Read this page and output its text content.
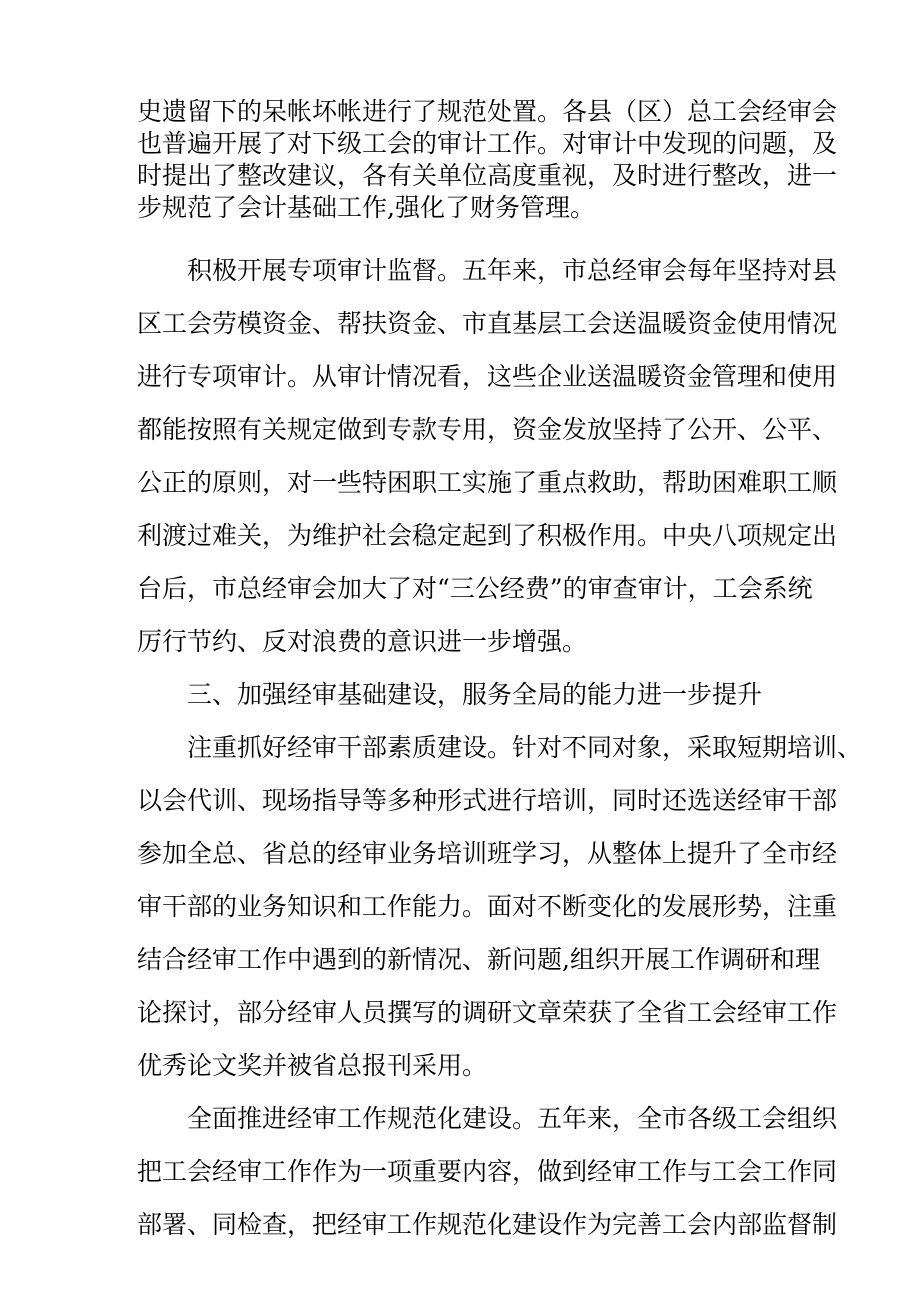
史遗留下的呆帐坏帐进行了规范处置。各县（区）总工会经审会
也普遍开展了对下级工会的审计工作。对审计中发现的问题，及
时提出了整改建议，各有关单位高度重视，及时进行整改，进一
步规范了会计基础工作,强化了财务管理。
积极开展专项审计监督。五年来，市总经审会每年坚持对县
区工会劳模资金、帮扶资金、市直基层工会送温暖资金使用情况
进行专项审计。从审计情况看，这些企业送温暖资金管理和使用
都能按照有关规定做到专款专用，资金发放坚持了公开、公平、
公正的原则，对一些特困职工实施了重点救助，帮助困难职工顺
利渡过难关，为维护社会稳定起到了积极作用。中央八项规定出
台后，市总经审会加大了对“三公经费”的审查审计，工会系统
厉行节约、反对浪费的意识进一步增强。
三、加强经审基础建设，服务全局的能力进一步提升
注重抓好经审干部素质建设。针对不同对象，采取短期培训、
以会代训、现场指导等多种形式进行培训，同时还选送经审干部
参加全总、省总的经审业务培训班学习，从整体上提升了全市经
审干部的业务知识和工作能力。面对不断变化的发展形势，注重
结合经审工作中遇到的新情况、新问题,组织开展工作调研和理
论探讨，部分经审人员撰写的调研文章荣获了全省工会经审工作
优秀论文奖并被省总报刊采用。
全面推进经审工作规范化建设。五年来，全市各级工会组织
把工会经审工作作为一项重要内容，做到经审工作与工会工作同
部署、同检查，把经审工作规范化建设作为完善工会内部监督制
